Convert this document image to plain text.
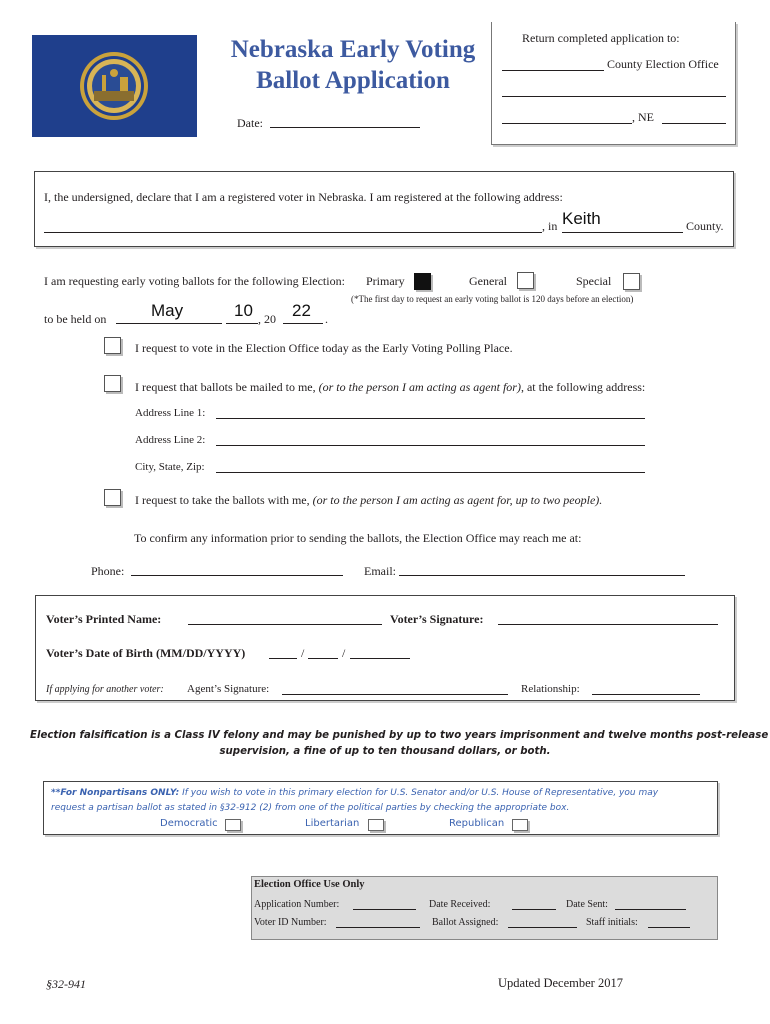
Nebraska Early Voting
Ballot Application
Date:
Return completed application to:
County Election Office
, NE
I, the undersigned, declare that I am a registered voter in Nebraska. I am registered at the following address:
, in Keith	County.
I am requesting early voting ballots for the following Election: Primary	General	Special
(*The first day to request an early voting ballot is 120 days before an election)
to be held on	May	10 , 20 22 .
I request to vote in the Election Office today as the Early Voting Polling Place.
I request that ballots be mailed to me, (or to the person I am acting as agent for), at the following address:
Address Line 1:
Address Line 2:
City, State, Zip:
I request to take the ballots with me, (or to the person I am acting as agent for, up to two people).
To confirm any information prior to sending the ballots, the Election Office may reach me at:
Phone:	Email:
Voter’s Printed Name:	Voter’s Signature:
Voter’s Date of Birth (MM/DD/YYYY)	/	/
If applying for another voter: Agent’s Signature:	Relationship:
Election falsification is a Class IV felony and may be punished by up to two years imprisonment and twelve months post-release
supervision, a fine of up to ten thousand dollars, or both.
**For Nonpartisans ONLY: If you wish to vote in this primary election for U.S. Senator and/or U.S. House of Representative, you may
request a partisan ballot as stated in §32-912 (2) from one of the political parties by checking the appropriate box.
Democratic	Libertarian	Republican
Election Office Use Only
Application Number:	Date Received:	Date Sent:
Voter ID Number:	Ballot Assigned:	Staff initials:
§32-941	Updated December 2017
